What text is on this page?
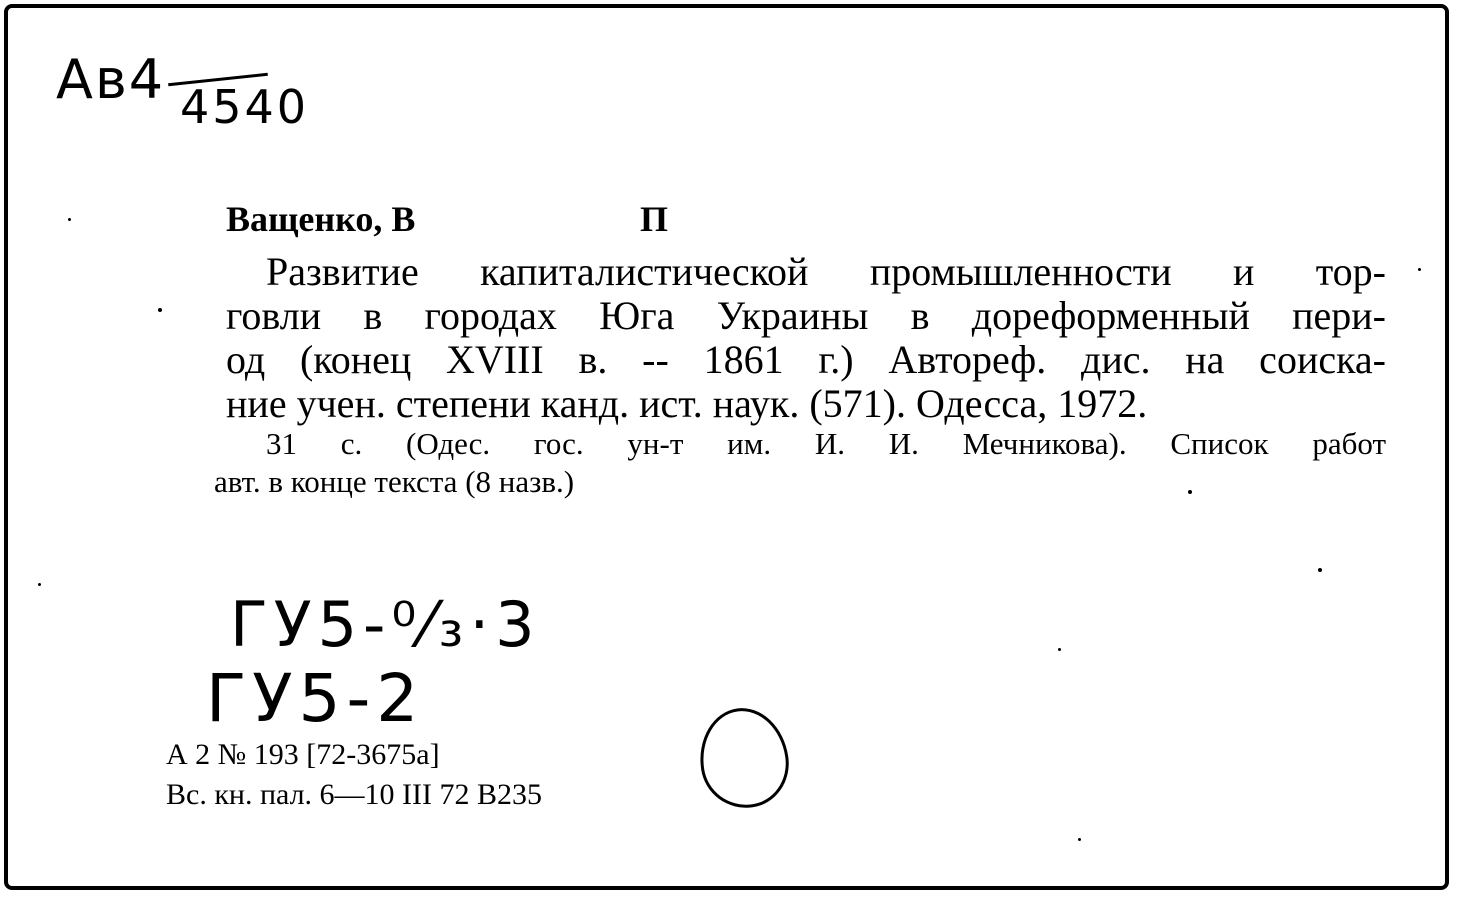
Ав4 4540

Ващенко, В	П

Развитие капиталистической промышленности и тор-

говли в городах Юга Украины в дореформенный пери-

од (конец XVIII в. -- 1861 г.) Автореф. дис. на соиска-

ние учен. степени канд. ист. наук. (571). Одесса, 1972.

31 с. (Одес. гос. ун-т им. И. И. Мечникова). Список работ

авт. в конце текста (8 назв.)

ГУ5-⁰⁄₃·3

ГУ5-2

А 2 № 193 [72-3675а]

Вс. кн. пал. 6—10 III 72 В235
